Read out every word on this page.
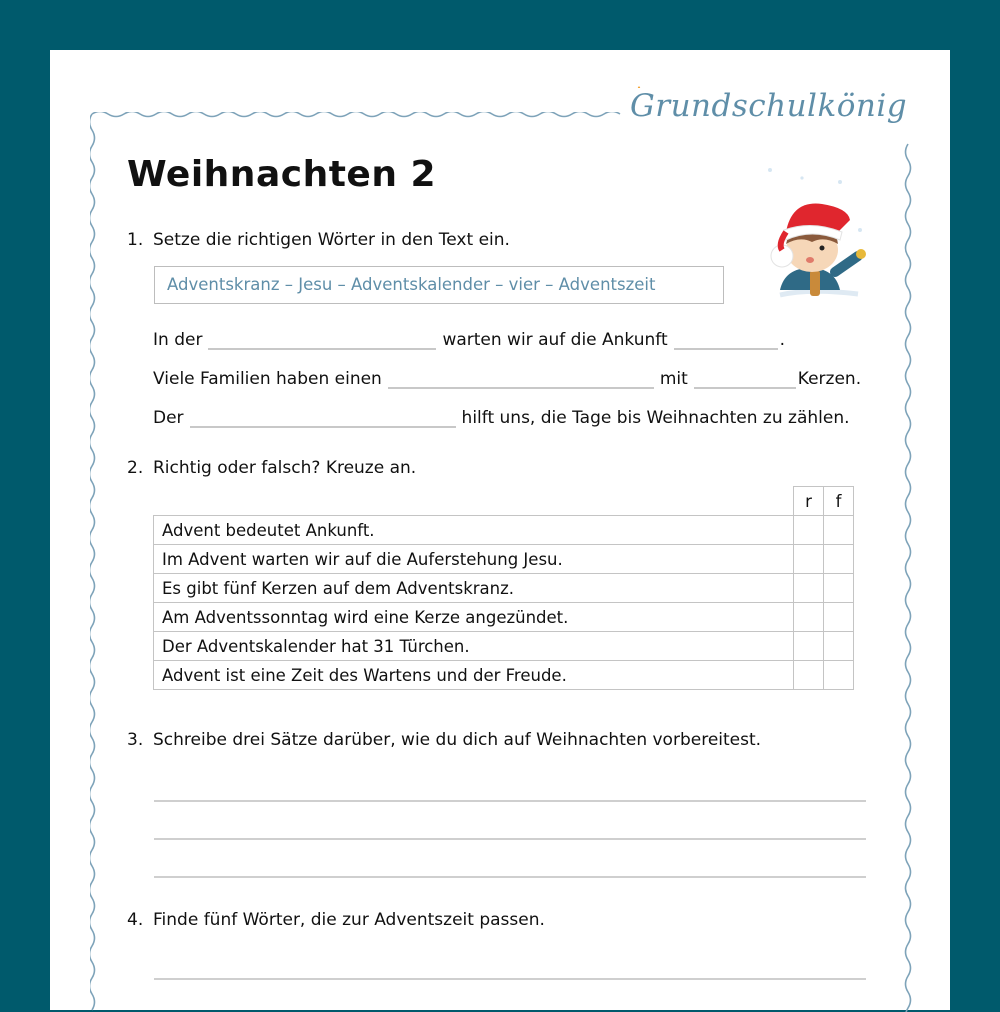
Grundschulkönig
Weihnachten 2
1. Setze die richtigen Wörter in den Text ein.
Adventskranz – Jesu – Adventskalender – vier – Adventszeit
In der	warten wir auf die Ankunft	.
Viele Familien haben einen	mit	Kerzen.
Der	hilft uns, die Tage bis Weihnachten zu zählen.
2. Richtig oder falsch? Kreuze an.
	r	f
Advent bedeutet Ankunft.		
Im Advent warten wir auf die Auferstehung Jesu.		
Es gibt fünf Kerzen auf dem Adventskranz.		
Am Adventssonntag wird eine Kerze angezündet.		
Der Adventskalender hat 31 Türchen.		
Advent ist eine Zeit des Wartens und der Freude.		
3. Schreibe drei Sätze darüber, wie du dich auf Weihnachten vorbereitest.
4. Finde fünf Wörter, die zur Adventszeit passen.
